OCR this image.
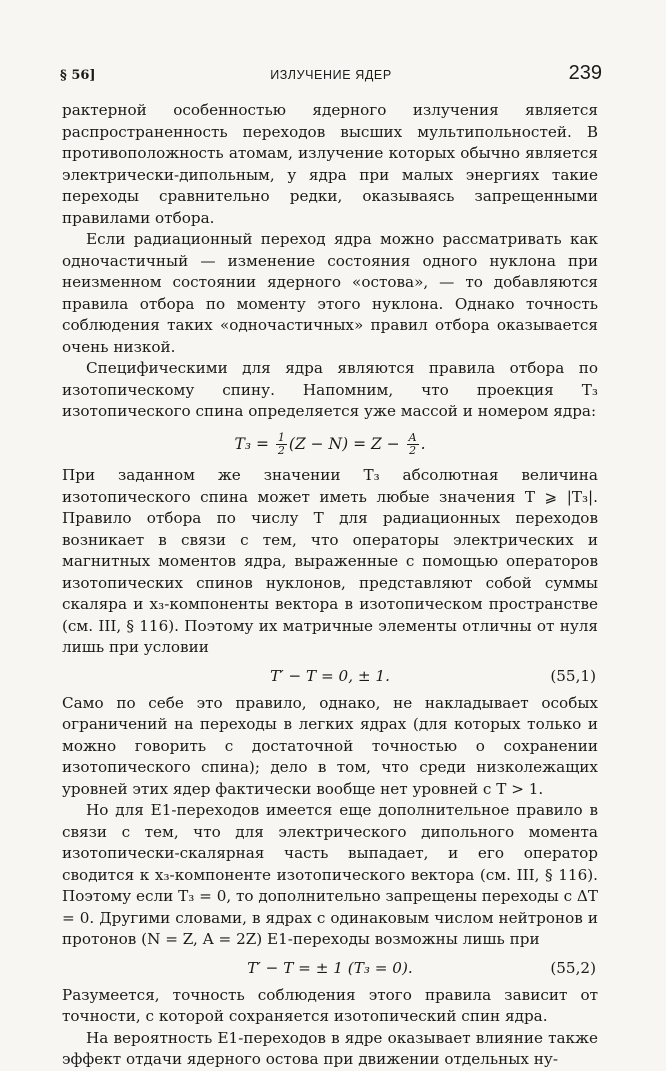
§ 56]	ИЗЛУЧЕНИЕ ЯДЕР	239

рактерной особенностью ядерного излучения является распространенность переходов высших мультипольностей. В противоположность атомам, излучение которых обычно является электрически-дипольным, у ядра при малых энергиях такие переходы сравнительно редки, оказываясь запрещенными правилами отбора.

Если радиационный переход ядра можно рассматривать как одночастичный — изменение состояния одного нуклона при неизменном состоянии ядерного «остова», — то добавляются правила отбора по моменту этого нуклона. Однако точность соблюдения таких «одночастичных» правил отбора оказывается очень низкой.

Специфическими для ядра являются правила отбора по изотопическому спину. Напомним, что проекция T₃ изотопического спина определяется уже массой и номером ядра:

$T_3 = \frac{1}{2} (Z - N) = Z - \frac{A}{2}$ .

При заданном же значении T₃ абсолютная величина изотопического спина может иметь любые значения T ⩾ |T₃|. Правило отбора по числу T для радиационных переходов возникает в связи с тем, что операторы электрических и магнитных моментов ядра, выраженные с помощью операторов изотопических спинов нуклонов, представляют собой суммы скаляра и x₃-компоненты вектора в изотопическом пространстве (см. III, § 116). Поэтому их матричные элементы отличны от нуля лишь при условии

T′ − T = 0, ± 1.	(55,1)

Само по себе это правило, однако, не накладывает особых ограничений на переходы в легких ядрах (для которых только и можно говорить с достаточной точностью о сохранении изотопического спина); дело в том, что среди низколежащих уровней этих ядер фактически вообще нет уровней с T > 1.

Но для E1-переходов имеется еще дополнительное правило в связи с тем, что для электрического дипольного момента изотопически-скалярная часть выпадает, и его оператор сводится к x₃-компоненте изотопического вектора (см. III, § 116). Поэтому если T₃ = 0, то дополнительно запрещены переходы с ΔT = 0. Другими словами, в ядрах с одинаковым числом нейтронов и протонов (N = Z, A = 2Z) E1-переходы возможны лишь при

T′ − T = ± 1 (T₃ = 0).	(55,2)

Разумеется, точность соблюдения этого правила зависит от точности, с которой сохраняется изотопический спин ядра.

На вероятность E1-переходов в ядре оказывает влияние также эффект отдачи ядерного остова при движении отдельных ну-
